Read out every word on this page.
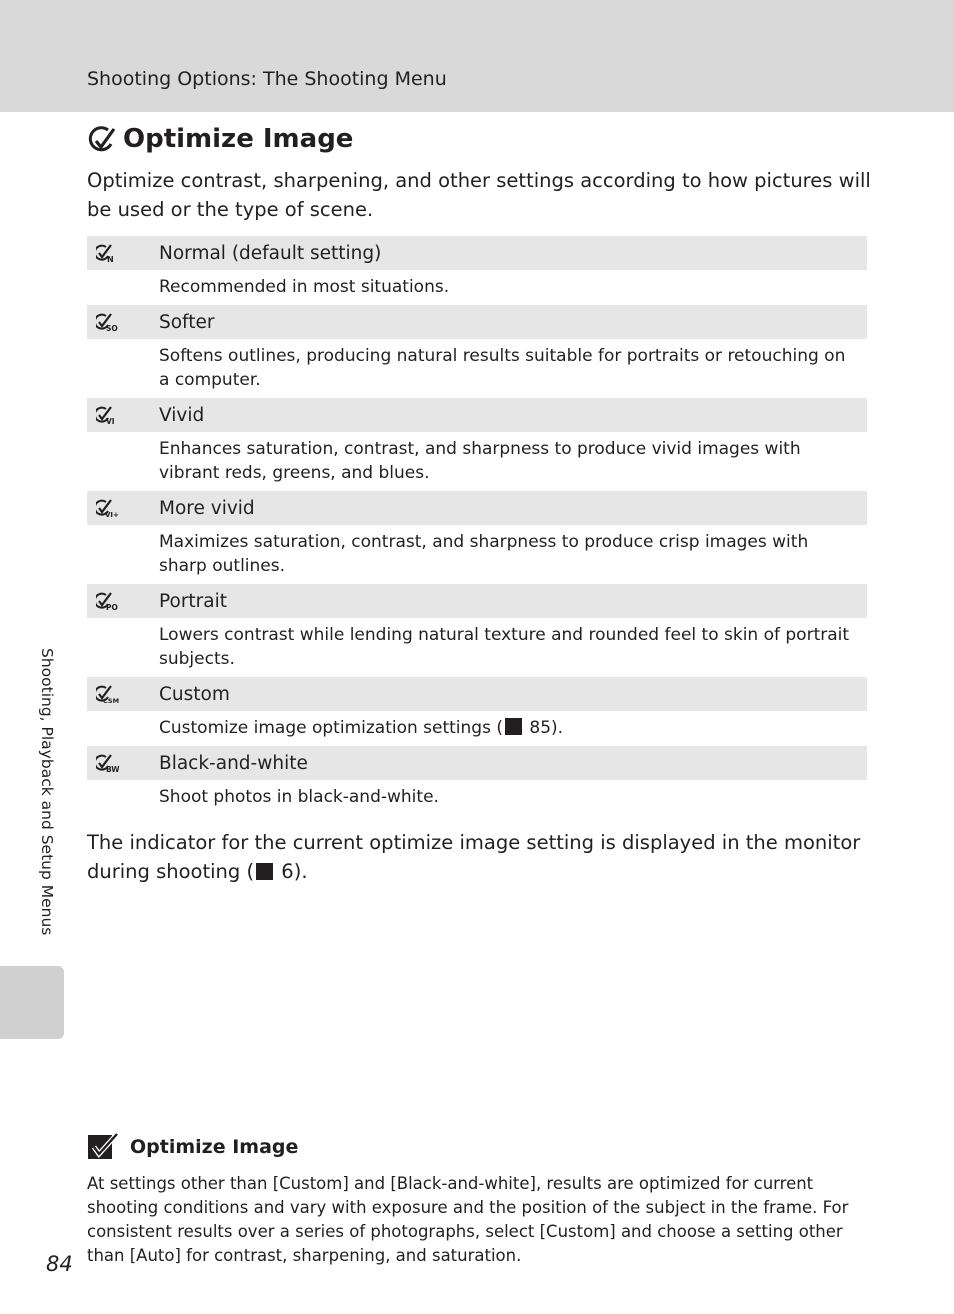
Shooting Options: The Shooting Menu
Optimize Image

Optimize contrast, sharpening, and other settings according to how pictures will be used or the type of scene.

N Normal (default setting)
Recommended in most situations.
SO Softer
Softens outlines, producing natural results suitable for portraits or retouching on a computer.
VI Vivid
Enhances saturation, contrast, and sharpness to produce vivid images with vibrant reds, greens, and blues.
VI+ More vivid
Maximizes saturation, contrast, and sharpness to produce crisp images with sharp outlines.
PO Portrait
Lowers contrast while lending natural texture and rounded feel to skin of portrait subjects.
CSM Custom
Customize image optimization settings ( 85).
BW Black-and-white
Shoot photos in black-and-white.

The indicator for the current optimize image setting is displayed in the monitor during shooting ( 6).

Optimize Image

At settings other than [Custom] and [Black-and-white], results are optimized for current shooting conditions and vary with exposure and the position of the subject in the frame. For consistent results over a series of photographs, select [Custom] and choose a setting other than [Auto] for contrast, sharpening, and saturation.

Shooting, Playback and Setup Menus
84
